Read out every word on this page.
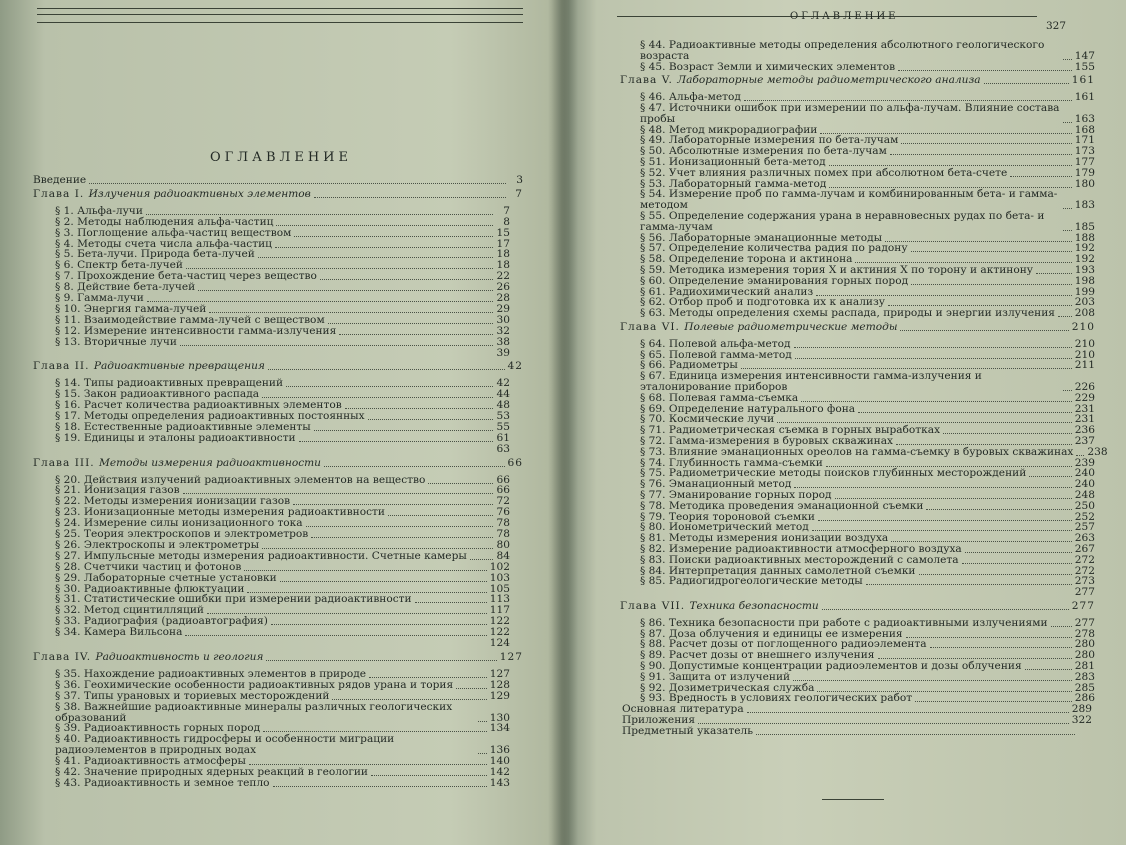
ОГЛАВЛЕНИЕ
Введение	3
Глава I. Излучения радиоактивных элементов	7
§ 1. Альфа-лучи	7
§ 2. Методы наблюдения альфа-частиц	8
§ 3. Поглощение альфа-частиц веществом	15
§ 4. Методы счета числа альфа-частиц	17
§ 5. Бета-лучи. Природа бета-лучей	18
§ 6. Спектр бета-лучей	18
§ 7. Прохождение бета-частиц через вещество	22
§ 8. Действие бета-лучей	26
§ 9. Гамма-лучи	28
§ 10. Энергия гамма-лучей	29
§ 11. Взаимодействие гамма-лучей с веществом	30
§ 12. Измерение интенсивности гамма-излучения	32
§ 13. Вторичные лучи	38
39
Глава II. Радиоактивные превращения	42
§ 14. Типы радиоактивных превращений	42
§ 15. Закон радиоактивного распада	44
§ 16. Расчет количества радиоактивных элементов	48
§ 17. Методы определения радиоактивных постоянных	53
§ 18. Естественные радиоактивные элементы	55
§ 19. Единицы и эталоны радиоактивности	61
63
Глава III. Методы измерения радиоактивности	66
§ 20. Действия излучений радиоактивных элементов на вещество	66
§ 21. Ионизация газов	66
§ 22. Методы измерения ионизации газов	72
§ 23. Ионизационные методы измерения радиоактивности	76
§ 24. Измерение силы ионизационного тока	78
§ 25. Теория электроскопов и электрометров	78
§ 26. Электроскопы и электрометры	80
§ 27. Импульсные методы измерения радиоактивности. Счетные камеры	84
§ 28. Счетчики частиц и фотонов	102
§ 29. Лабораторные счетные установки	103
§ 30. Радиоактивные флюктуации	105
§ 31. Статистические ошибки при измерении радиоактивности	113
§ 32. Метод сцинтилляций	117
§ 33. Радиография (радиоавтография)	122
§ 34. Камера Вильсона	122
124
Глава IV. Радиоактивность и геология	127
§ 35. Нахождение радиоактивных элементов в природе	127
§ 36. Геохимические особенности радиоактивных рядов урана и тория	128
§ 37. Типы урановых и ториевых месторождений	129
§ 38. Важнейшие радиоактивные минералы различных геологических образований	130
§ 39. Радиоактивность горных пород	134
§ 40. Радиоактивность гидросферы и особенности миграции радиоэлементов в природных водах	136
§ 41. Радиоактивность атмосферы	140
§ 42. Значение природных ядерных реакций в геологии	142
§ 43. Радиоактивность и земное тепло	143
ОГЛАВЛЕНИЕ
327
§ 44. Радиоактивные методы определения абсолютного геологического возраста	147
§ 45. Возраст Земли и химических элементов	155
Глава V. Лабораторные методы радиометрического анализа	161
§ 46. Альфа-метод	161
§ 47. Источники ошибок при измерении по альфа-лучам. Влияние состава пробы	163
§ 48. Метод микрорадиографии	168
§ 49. Лабораторные измерения по бета-лучам	171
§ 50. Абсолютные измерения по бета-лучам	173
§ 51. Ионизационный бета-метод	177
§ 52. Учет влияния различных помех при абсолютном бета-счете	179
§ 53. Лабораторный гамма-метод	180
§ 54. Измерение проб по гамма-лучам и комбинированным бета- и гамма-методом	183
§ 55. Определение содержания урана в неравновесных рудах по бета- и гамма-лучам	185
§ 56. Лабораторные эманационные методы	188
§ 57. Определение количества радия по радону	192
§ 58. Определение торона и актинона	192
§ 59. Методика измерения тория Х и актиния Х по торону и актинону	193
§ 60. Определение эманирования горных пород	198
§ 61. Радиохимический анализ	199
§ 62. Отбор проб и подготовка их к анализу	203
§ 63. Методы определения схемы распада, природы и энергии излучения 208
Глава VI. Полевые радиометрические методы	210
§ 64. Полевой альфа-метод	210
§ 65. Полевой гамма-метод	210
§ 66. Радиометры	211
§ 67. Единица измерения интенсивности гамма-излучения и эталонирование приборов	226
§ 68. Полевая гамма-съемка	229
§ 69. Определение натурального фона	231
§ 70. Космические лучи	231
§ 71. Радиометрическая съемка в горных выработках	236
§ 72. Гамма-измерения в буровых скважинах	237
§ 73. Влияние эманационных ореолов на гамма-съемку в буровых скважинах 238
§ 74. Глубинность гамма-съемки	239
§ 75. Радиометрические методы поисков глубинных месторождений	240
§ 76. Эманационный метод	240
§ 77. Эманирование горных пород	248
§ 78. Методика проведения эманационной съемки	250
§ 79. Теория тороновой съемки	252
§ 80. Ионометрический метод	257
§ 81. Методы измерения ионизации воздуха	263
§ 82. Измерение радиоактивности атмосферного воздуха	267
§ 83. Поиски радиоактивных месторождений с самолета	272
§ 84. Интерпретация данных самолетной съемки	272
§ 85. Радиогидрогеологические методы	273
277
Глава VII. Техника безопасности	277
§ 86. Техника безопасности при работе с радиоактивными излучениями	277
§ 87. Доза облучения и единицы ее измерения	278
§ 88. Расчет дозы от поглощенного радиоэлемента	280
§ 89. Расчет дозы от внешнего излучения	280
§ 90. Допустимые концентрации радиоэлементов и дозы облучения	281
§ 91. Защита от излучений	283
§ 92. Дозиметрическая служба	285
§ 93. Вредность в условиях геологических работ	286
Основная литература	289
Приложения	322
Предметный указатель
